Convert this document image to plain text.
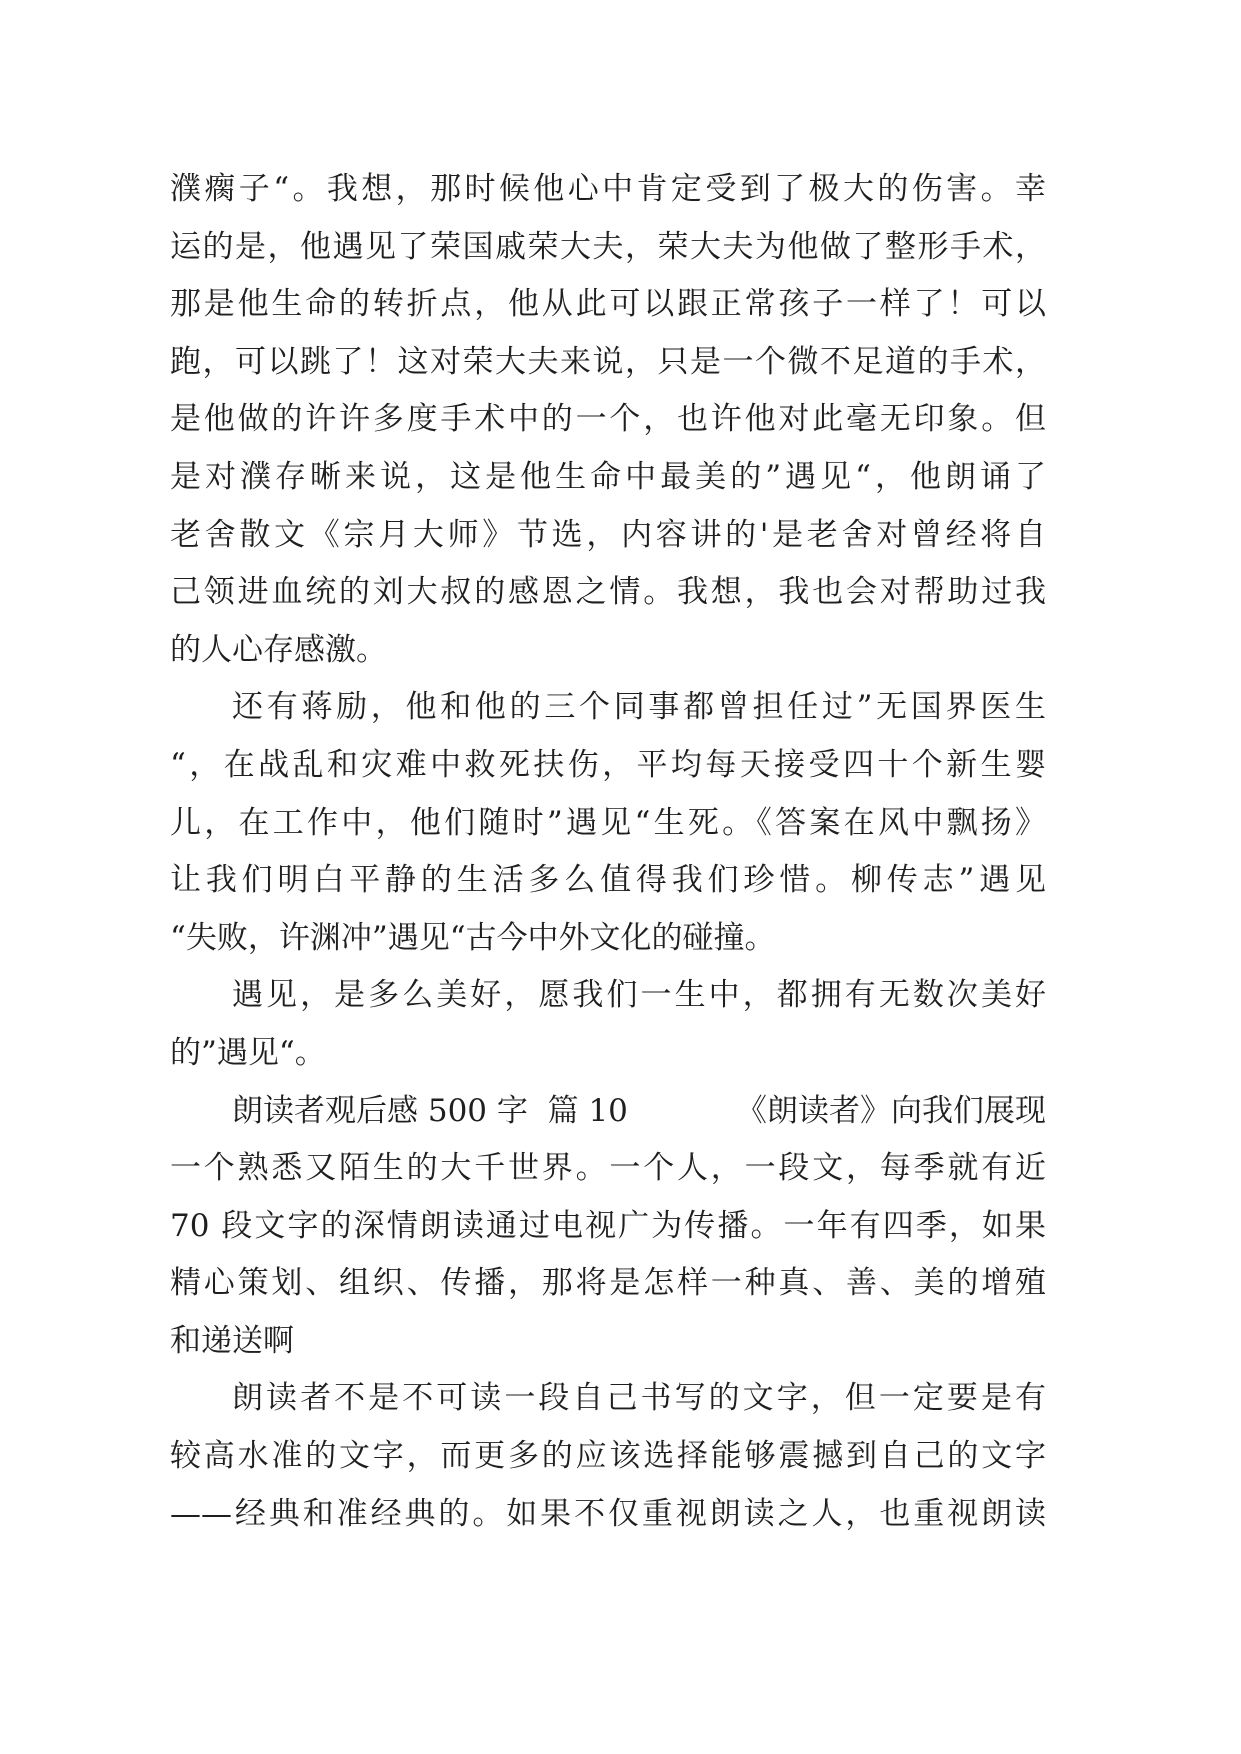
濮瘸子“。我想，那时候他心中肯定受到了极大的伤害。幸
运的是，他遇见了荣国戚荣大夫，荣大夫为他做了整形手术，
那是他生命的转折点，他从此可以跟正常孩子一样了！可以
跑，可以跳了！这对荣大夫来说，只是一个微不足道的手术，
是他做的许许多度手术中的一个，也许他对此毫无印象。但
是对濮存晰来说，这是他生命中最美的”遇见“，他朗诵了
老舍散文《宗月大师》节选，内容讲的'是老舍对曾经将自
己领进血统的刘大叔的感恩之情。我想，我也会对帮助过我
的人心存感激。
还有蒋励，他和他的三个同事都曾担任过”无国界医生
“，在战乱和灾难中救死扶伤，平均每天接受四十个新生婴
儿，在工作中，他们随时”遇见“生死。《答案在风中飘扬》
让我们明白平静的生活多么值得我们珍惜。柳传志”遇见
“失败，许渊冲”遇见“古今中外文化的碰撞。
遇见，是多么美好，愿我们一生中，都拥有无数次美好
的”遇见“。
朗读者观后感 500 字  篇 10	《朗读者》向我们展现
一个熟悉又陌生的大千世界。一个人，一段文，每季就有近
70 段文字的深情朗读通过电视广为传播。一年有四季，如果
精心策划、组织、传播，那将是怎样一种真、善、美的增殖
和递送啊
朗读者不是不可读一段自己书写的文字，但一定要是有
较高水准的文字，而更多的应该选择能够震撼到自己的文字
——经典和准经典的。如果不仅重视朗读之人，也重视朗读
